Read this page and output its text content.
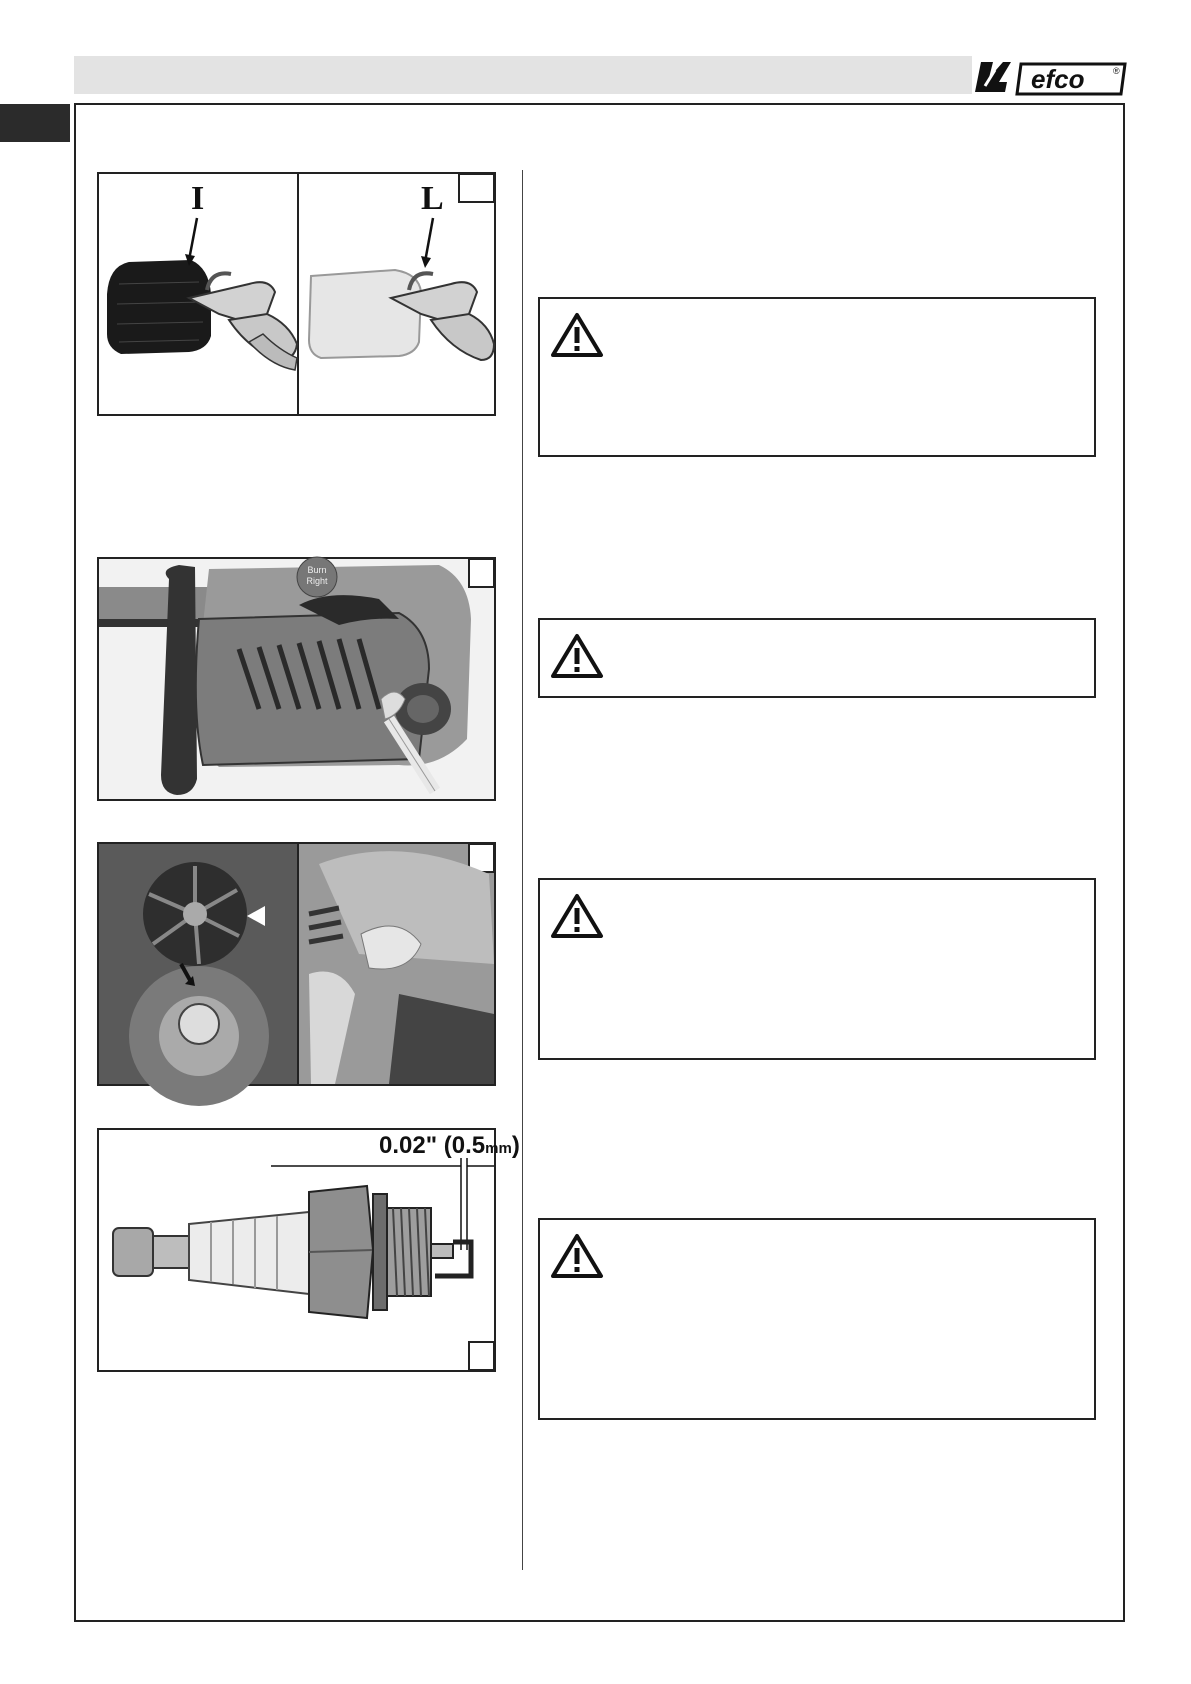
efco	®
I	L
Burn
Right
0.02" (0.5mm)
